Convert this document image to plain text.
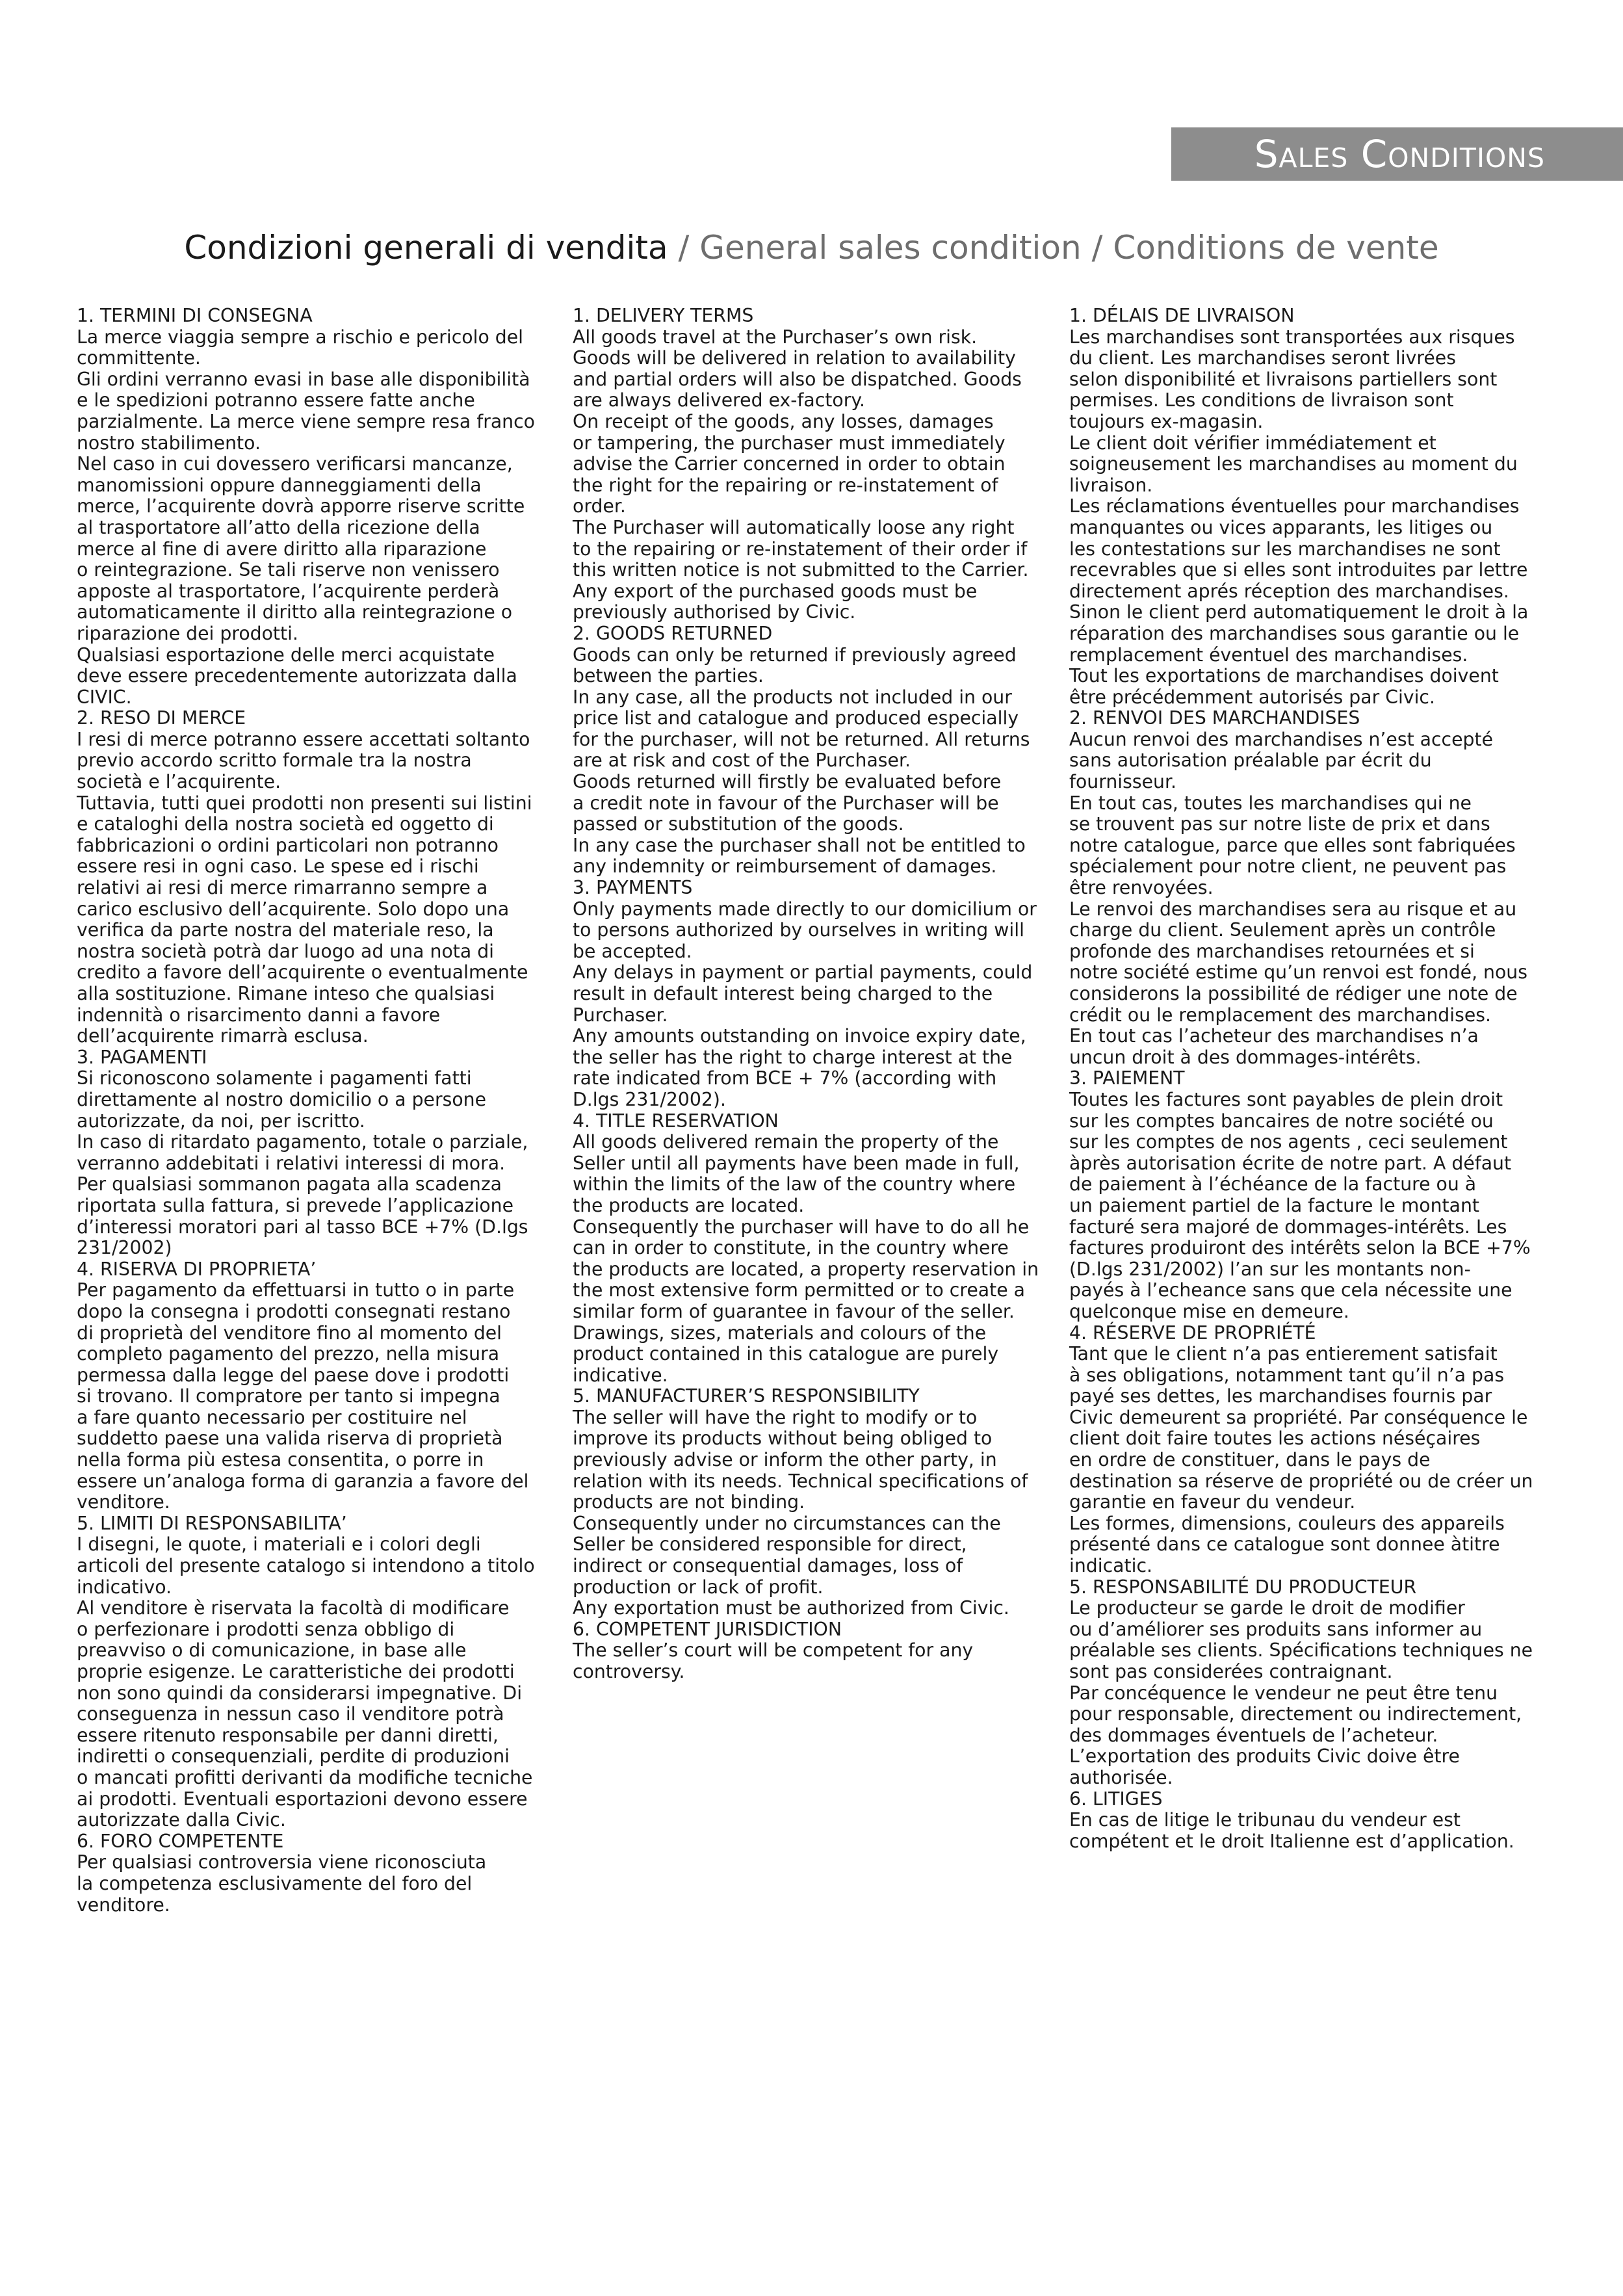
Sales Conditions
Condizioni generali di vendita / General sales condition / Conditions de vente
1. TERMINI DI CONSEGNA
La merce viaggia sempre a rischio e pericolo del
committente.
Gli ordini verranno evasi in base alle disponibilità
e le spedizioni potranno essere fatte anche
parzialmente. La merce viene sempre resa franco
nostro stabilimento.
Nel caso in cui dovessero verificarsi mancanze,
manomissioni oppure danneggiamenti della
merce, l’acquirente dovrà apporre riserve scritte
al trasportatore all’atto della ricezione della
merce al fine di avere diritto alla riparazione
o reintegrazione. Se tali riserve non venissero
apposte al trasportatore, l’acquirente perderà
automaticamente il diritto alla reintegrazione o
riparazione dei prodotti.
Qualsiasi esportazione delle merci acquistate
deve essere precedentemente autorizzata dalla
CIVIC.
2. RESO DI MERCE
I resi di merce potranno essere accettati soltanto
previo accordo scritto formale tra la nostra
società e l’acquirente.
Tuttavia, tutti quei prodotti non presenti sui listini
e cataloghi della nostra società ed oggetto di
fabbricazioni o ordini particolari non potranno
essere resi in ogni caso. Le spese ed i rischi
relativi ai resi di merce rimarranno sempre a
carico esclusivo dell’acquirente. Solo dopo una
verifica da parte nostra del materiale reso, la
nostra società potrà dar luogo ad una nota di
credito a favore dell’acquirente o eventualmente
alla sostituzione. Rimane inteso che qualsiasi
indennità o risarcimento danni a favore
dell’acquirente rimarrà esclusa.
3. PAGAMENTI
Si riconoscono solamente i pagamenti fatti
direttamente al nostro domicilio o a persone
autorizzate, da noi, per iscritto.
In caso di ritardato pagamento, totale o parziale,
verranno addebitati i relativi interessi di mora.
Per qualsiasi sommanon pagata alla scadenza
riportata sulla fattura, si prevede l’applicazione
d’interessi moratori pari al tasso BCE +7% (D.lgs
231/2002)
4. RISERVA DI PROPRIETA’
Per pagamento da effettuarsi in tutto o in parte
dopo la consegna i prodotti consegnati restano
di proprietà del venditore fino al momento del
completo pagamento del prezzo, nella misura
permessa dalla legge del paese dove i prodotti
si trovano. Il compratore per tanto si impegna
a fare quanto necessario per costituire nel
suddetto paese una valida riserva di proprietà
nella forma più estesa consentita, o porre in
essere un’analoga forma di garanzia a favore del
venditore.
5. LIMITI DI RESPONSABILITA’
I disegni, le quote, i materiali e i colori degli
articoli del presente catalogo si intendono a titolo
indicativo.
Al venditore è riservata la facoltà di modificare
o perfezionare i prodotti senza obbligo di
preavviso o di comunicazione, in base alle
proprie esigenze. Le caratteristiche dei prodotti
non sono quindi da considerarsi impegnative. Di
conseguenza in nessun caso il venditore potrà
essere ritenuto responsabile per danni diretti,
indiretti o consequenziali, perdite di produzioni
o mancati profitti derivanti da modifiche tecniche
ai prodotti. Eventuali esportazioni devono essere
autorizzate dalla Civic.
6. FORO COMPETENTE
Per qualsiasi controversia viene riconosciuta
la competenza esclusivamente del foro del
venditore.
1. DELIVERY TERMS
All goods travel at the Purchaser’s own risk.
Goods will be delivered in relation to availability
and partial orders will also be dispatched. Goods
are always delivered ex-factory.
On receipt of the goods, any losses, damages
or tampering, the purchaser must immediately
advise the Carrier concerned in order to obtain
the right for the repairing or re-instatement of
order.
The Purchaser will automatically loose any right
to the repairing or re-instatement of their order if
this written notice is not submitted to the Carrier.
Any export of the purchased goods must be
previously authorised by Civic.
2. GOODS RETURNED
Goods can only be returned if previously agreed
between the parties.
In any case, all the products not included in our
price list and catalogue and produced especially
for the purchaser, will not be returned. All returns
are at risk and cost of the Purchaser.
Goods returned will firstly be evaluated before
a credit note in favour of the Purchaser will be
passed or substitution of the goods.
In any case the purchaser shall not be entitled to
any indemnity or reimbursement of damages.
3. PAYMENTS
Only payments made directly to our domicilium or
to persons authorized by ourselves in writing will
be accepted.
Any delays in payment or partial payments, could
result in default interest being charged to the
Purchaser.
Any amounts outstanding on invoice expiry date,
the seller has the right to charge interest at the
rate indicated from BCE + 7% (according with
D.lgs 231/2002).
4. TITLE RESERVATION
All goods delivered remain the property of the
Seller until all payments have been made in full,
within the limits of the law of the country where
the products are located.
Consequently the purchaser will have to do all he
can in order to constitute, in the country where
the products are located, a property reservation in
the most extensive form permitted or to create a
similar form of guarantee in favour of the seller.
Drawings, sizes, materials and colours of the
product contained in this catalogue are purely
indicative.
5. MANUFACTURER’S RESPONSIBILITY
The seller will have the right to modify or to
improve its products without being obliged to
previously advise or inform the other party, in
relation with its needs. Technical specifications of
products are not binding.
Consequently under no circumstances can the
Seller be considered responsible for direct,
indirect or consequential damages, loss of
production or lack of profit.
Any exportation must be authorized from Civic.
6. COMPETENT JURISDICTION
The seller’s court will be competent for any
controversy.
1. DÉLAIS DE LIVRAISON
Les marchandises sont transportées aux risques
du client. Les marchandises seront livrées
selon disponibilité et livraisons partiellers sont
permises. Les conditions de livraison sont
toujours ex-magasin.
Le client doit vérifier immédiatement et
soigneusement les marchandises au moment du
livraison.
Les réclamations éventuelles pour marchandises
manquantes ou vices apparants, les litiges ou
les contestations sur les marchandises ne sont
recevrables que si elles sont introduites par lettre
directement aprés réception des marchandises.
Sinon le client perd automatiquement le droit à la
réparation des marchandises sous garantie ou le
remplacement éventuel des marchandises.
Tout les exportations de marchandises doivent
être précédemment autorisés par Civic.
2. RENVOI DES MARCHANDISES
Aucun renvoi des marchandises n’est accepté
sans autorisation préalable par écrit du
fournisseur.
En tout cas, toutes les marchandises qui ne
se trouvent pas sur notre liste de prix et dans
notre catalogue, parce que elles sont fabriquées
spécialement pour notre client, ne peuvent pas
être renvoyées.
Le renvoi des marchandises sera au risque et au
charge du client. Seulement après un contrôle
profonde des marchandises retournées et si
notre société estime qu’un renvoi est fondé, nous
considerons la possibilité de rédiger une note de
crédit ou le remplacement des marchandises.
En tout cas l’acheteur des marchandises n’a
uncun droit à des dommages-intérêts.
3. PAIEMENT
Toutes les factures sont payables de plein droit
sur les comptes bancaires de notre société ou
sur les comptes de nos agents , ceci seulement
àprès autorisation écrite de notre part. A défaut
de paiement à l’échéance de la facture ou à
un paiement partiel de la facture le montant
facturé sera majoré de dommages-intérêts. Les
factures produiront des intérêts selon la BCE +7%
(D.lgs 231/2002) l’an sur les montants non-
payés à l’echeance sans que cela nécessite une
quelconque mise en demeure.
4. RÉSERVE DE PROPRIÉTÉ
Tant que le client n’a pas entierement satisfait
à ses obligations, notamment tant qu’il n’a pas
payé ses dettes, les marchandises fournis par
Civic demeurent sa propriété. Par conséquence le
client doit faire toutes les actions néséçaires
en ordre de constituer, dans le pays de
destination sa réserve de propriété ou de créer un
garantie en faveur du vendeur.
Les formes, dimensions, couleurs des appareils
présenté dans ce catalogue sont donnee àtitre
indicatic.
5. RESPONSABILITÉ DU PRODUCTEUR
Le producteur se garde le droit de modifier
ou d’améliorer ses produits sans informer au
préalable ses clients. Spécifications techniques ne
sont pas considerées contraignant.
Par concéquence le vendeur ne peut être tenu
pour responsable, directement ou indirectement,
des dommages éventuels de l’acheteur.
L’exportation des produits Civic doive être
authorisée.
6. LITIGES
En cas de litige le tribunau du vendeur est
compétent et le droit Italienne est d’application.
